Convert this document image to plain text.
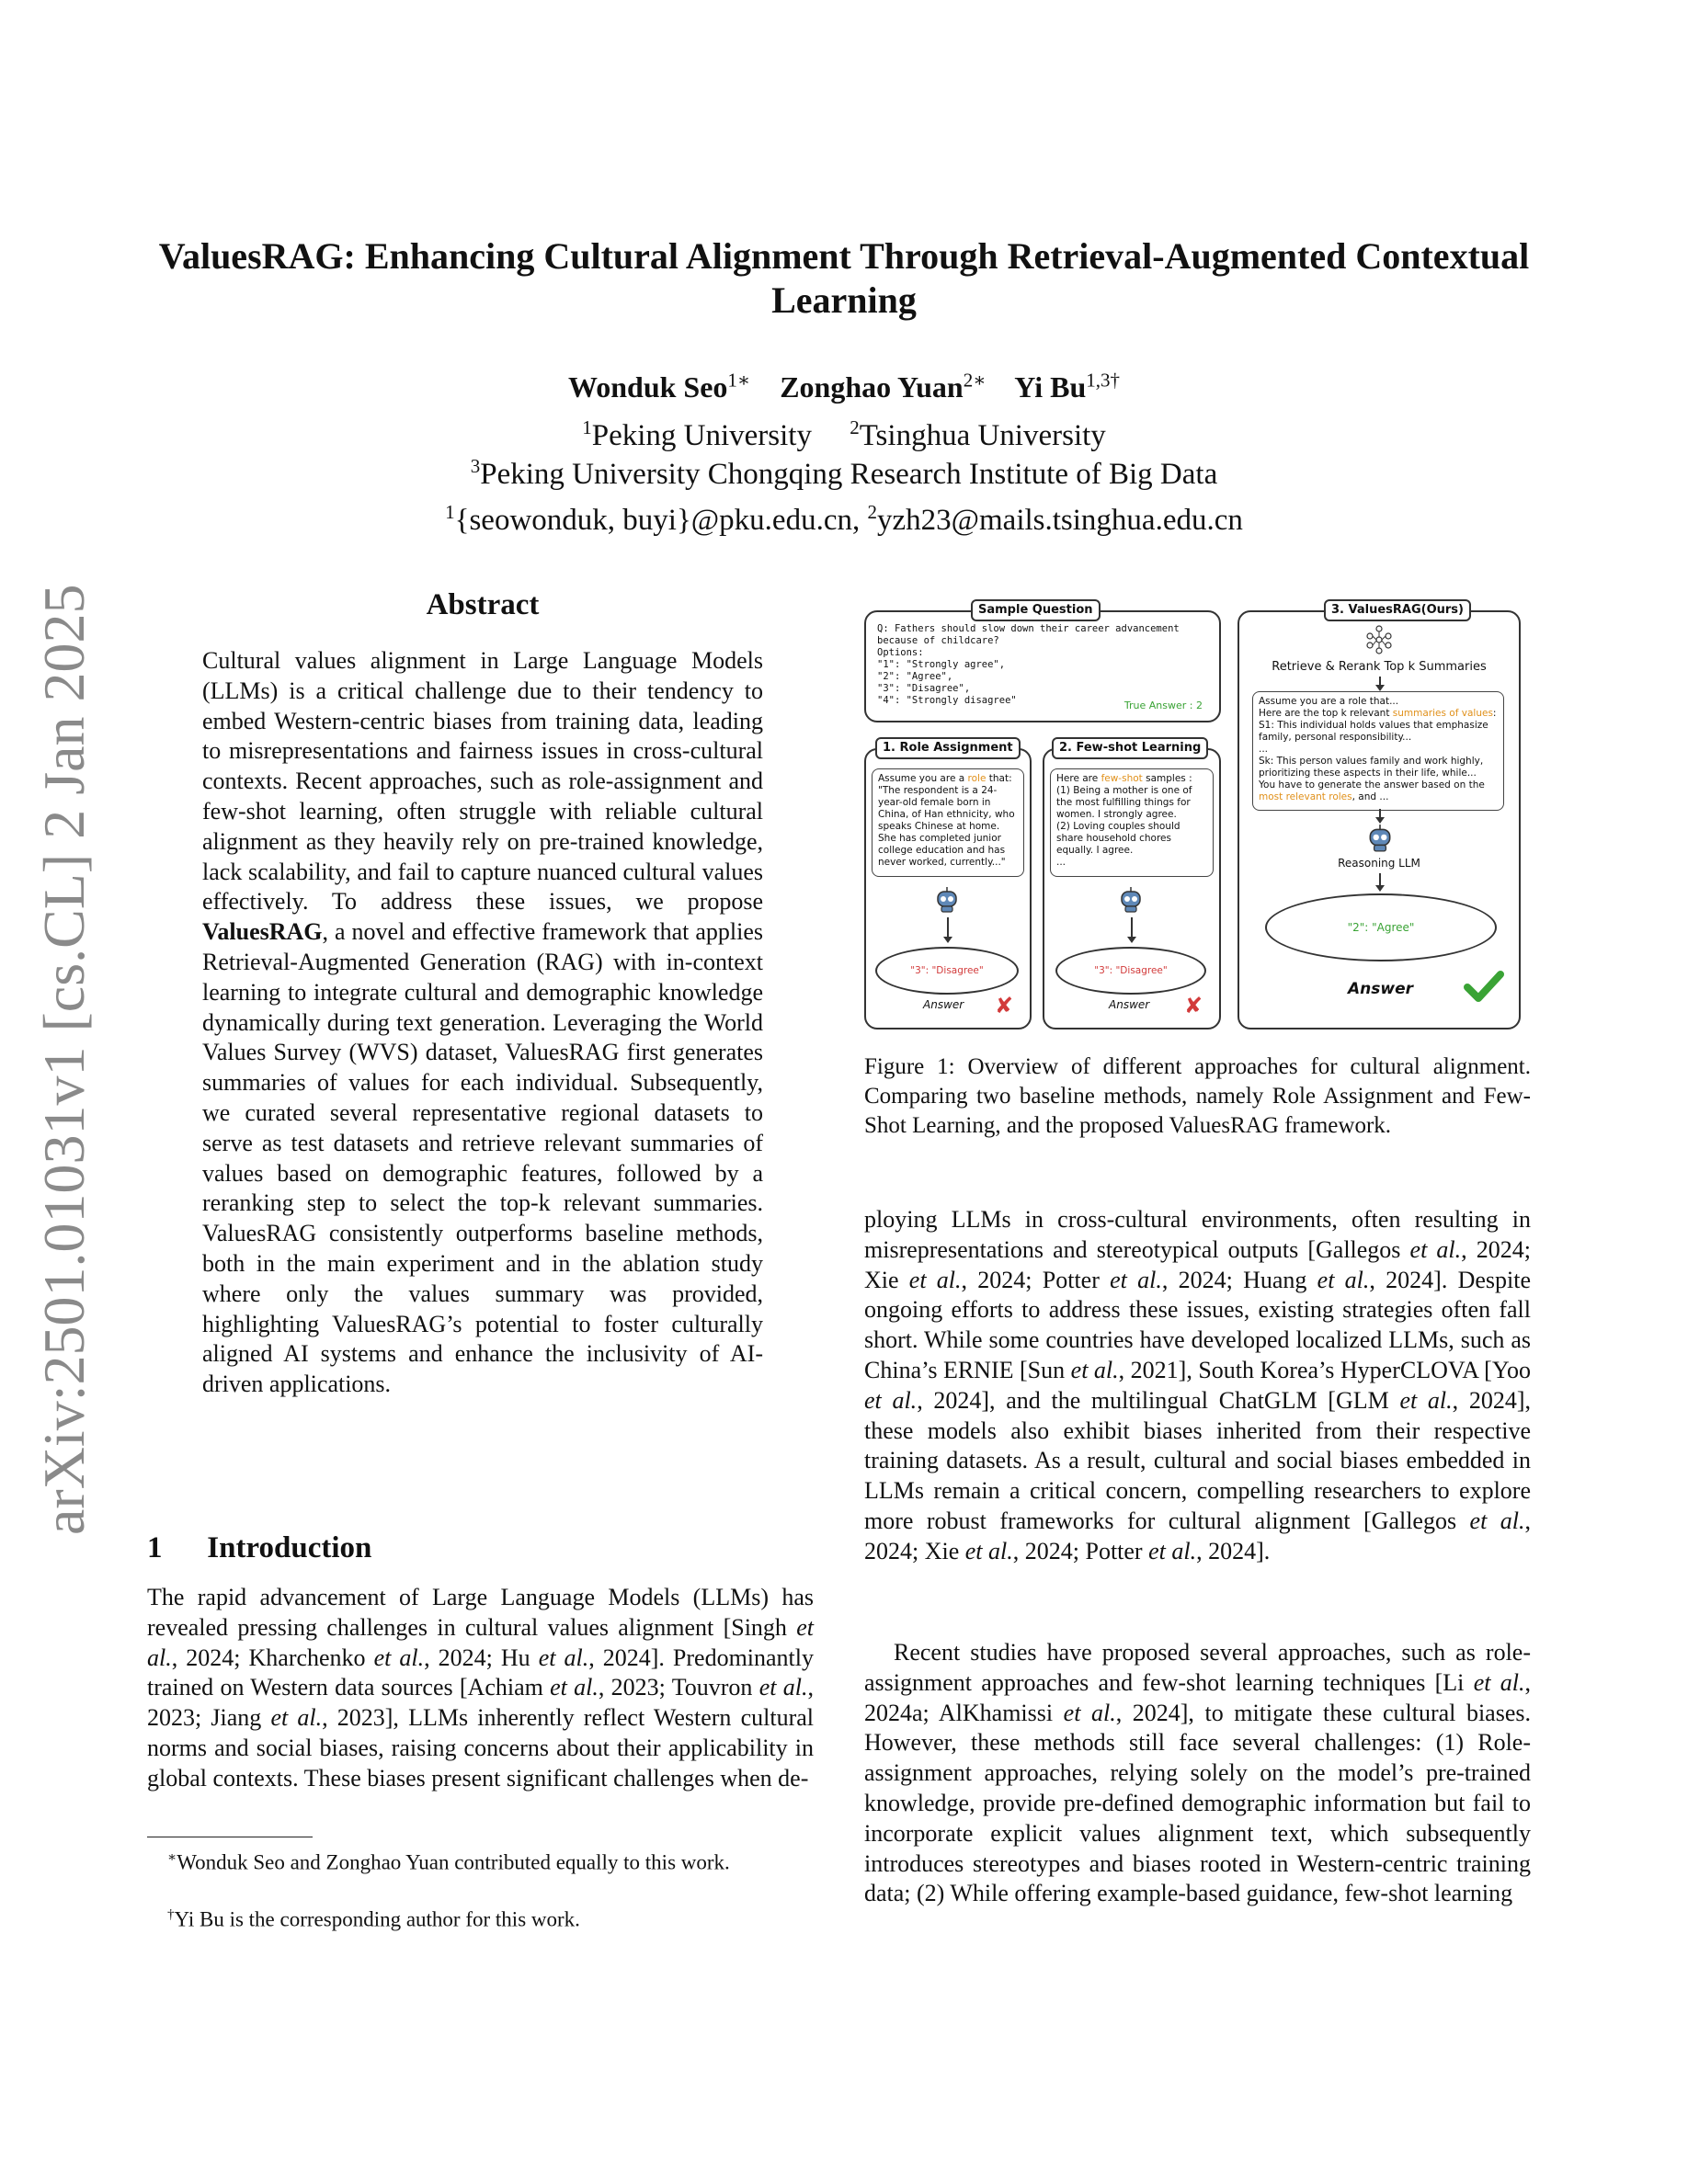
arXiv:2501.01031v1 [cs.CL] 2 Jan 2025
ValuesRAG: Enhancing Cultural Alignment Through Retrieval-Augmented Contextual Learning
Wonduk Seo$^{1∗}$ Zonghao Yuan$^{2∗}$ Yi $Bu^{1,3\dagger}$
$^1$Peking University $^2$Tsinghua University
$^3$Peking University Chongqing Research Institute of Big Data
$^1${seowonduk, buyi}@pku.edu.cn, $^2$yzh23@mails.tsinghua.edu.cn
Abstract
Cultural values alignment in Large Language Models (LLMs) is a critical challenge due to their tendency to embed Western-centric biases from training data, leading to misrepresentations and fairness issues in cross-cultural contexts. Recent approaches, such as role-assignment and few-shot learning, often struggle with reliable cultural alignment as they heavily rely on pre-trained knowledge, lack scalability, and fail to capture nuanced cultural values effectively. To address these issues, we propose ValuesRAG, a novel and effective framework that applies Retrieval-Augmented Generation (RAG) with in-context learning to integrate cultural and demographic knowledge dynamically during text generation. Leveraging the World Values Survey (WVS) dataset, ValuesRAG first generates summaries of values for each individual. Subsequently, we curated several representative regional datasets to serve as test datasets and retrieve relevant summaries of values based on demographic features, followed by a reranking step to select the top-k relevant summaries. ValuesRAG consistently outperforms baseline methods, both in the main experiment and in the ablation study where only the values summary was provided, highlighting ValuesRAG’s potential to foster culturally aligned AI systems and enhance the inclusivity of AI-driven applications.
1 Introduction
The rapid advancement of Large Language Models (LLMs) has revealed pressing challenges in cultural values alignment [Singh et al., 2024; Kharchenko et al., 2024; Hu et al., 2024]. Predominantly trained on Western data sources [Achiam et al., 2023; Touvron et al., 2023; Jiang et al., 2023], LLMs inherently reflect Western cultural norms and social biases, raising concerns about their applicability in global contexts. These biases present significant challenges when de-
∗Wonduk Seo and Zonghao Yuan contributed equally to this work.
†Yi Bu is the corresponding author for this work.
Q: Fathers should slow down their career advancement
because of childcare?
Options:
"1": "Strongly agree",
"2": "Agree",
"3": "Disagree",
"4": "Strongly disagree"	True Answer : 2
Sample Question
Assume you are a role that:
"The respondent is a 24-year-old female born in China, of Han ethnicity, who speaks Chinese at home. She has completed junior college education and has never worked, currently..."
"3": "Disagree"
Answer ✘
1. Role Assignment
Here are few-shot samples :
(1) Being a mother is one of the most fulfilling things for women. I strongly agree.
(2) Loving couples should share household chores equally. I agree.
...
"3": "Disagree"
Answer ✘
2. Few-shot Learning
Retrieve & Rerank Top k Summaries
Assume you are a role that...
Here are the top k relevant summaries of values:
S1: This individual holds values that emphasize family, personal responsibility...
...
Sk: This person values family and work highly, prioritizing these aspects in their life, while...
You have to generate the answer based on the
most relevant roles, and ...
Reasoning LLM
"2": "Agree"
Answer
3. ValuesRAG(Ours)
Figure 1: Overview of different approaches for cultural alignment. Comparing two baseline methods, namely Role Assignment and Few-Shot Learning, and the proposed ValuesRAG framework.
ploying LLMs in cross-cultural environments, often resulting in misrepresentations and stereotypical outputs [Gallegos et al., 2024; Xie et al., 2024; Potter et al., 2024; Huang et al., 2024]. Despite ongoing efforts to address these issues, existing strategies often fall short. While some countries have developed localized LLMs, such as China’s ERNIE [Sun et al., 2021], South Korea’s HyperCLOVA [Yoo et al., 2024], and the multilingual ChatGLM [GLM et al., 2024], these models also exhibit biases inherited from their respective training datasets. As a result, cultural and social biases embedded in LLMs remain a critical concern, compelling researchers to explore more robust frameworks for cultural alignment [Gallegos et al., 2024; Xie et al., 2024; Potter et al., 2024].
Recent studies have proposed several approaches, such as role-assignment approaches and few-shot learning techniques [Li et al., 2024a; AlKhamissi et al., 2024], to mitigate these cultural biases. However, these methods still face several challenges: (1) Role-assignment approaches, relying solely on the model’s pre-trained knowledge, provide pre-defined demographic information but fail to incorporate explicit values alignment text, which subsequently introduces stereotypes and biases rooted in Western-centric training data; (2) While offering example-based guidance, few-shot learning
